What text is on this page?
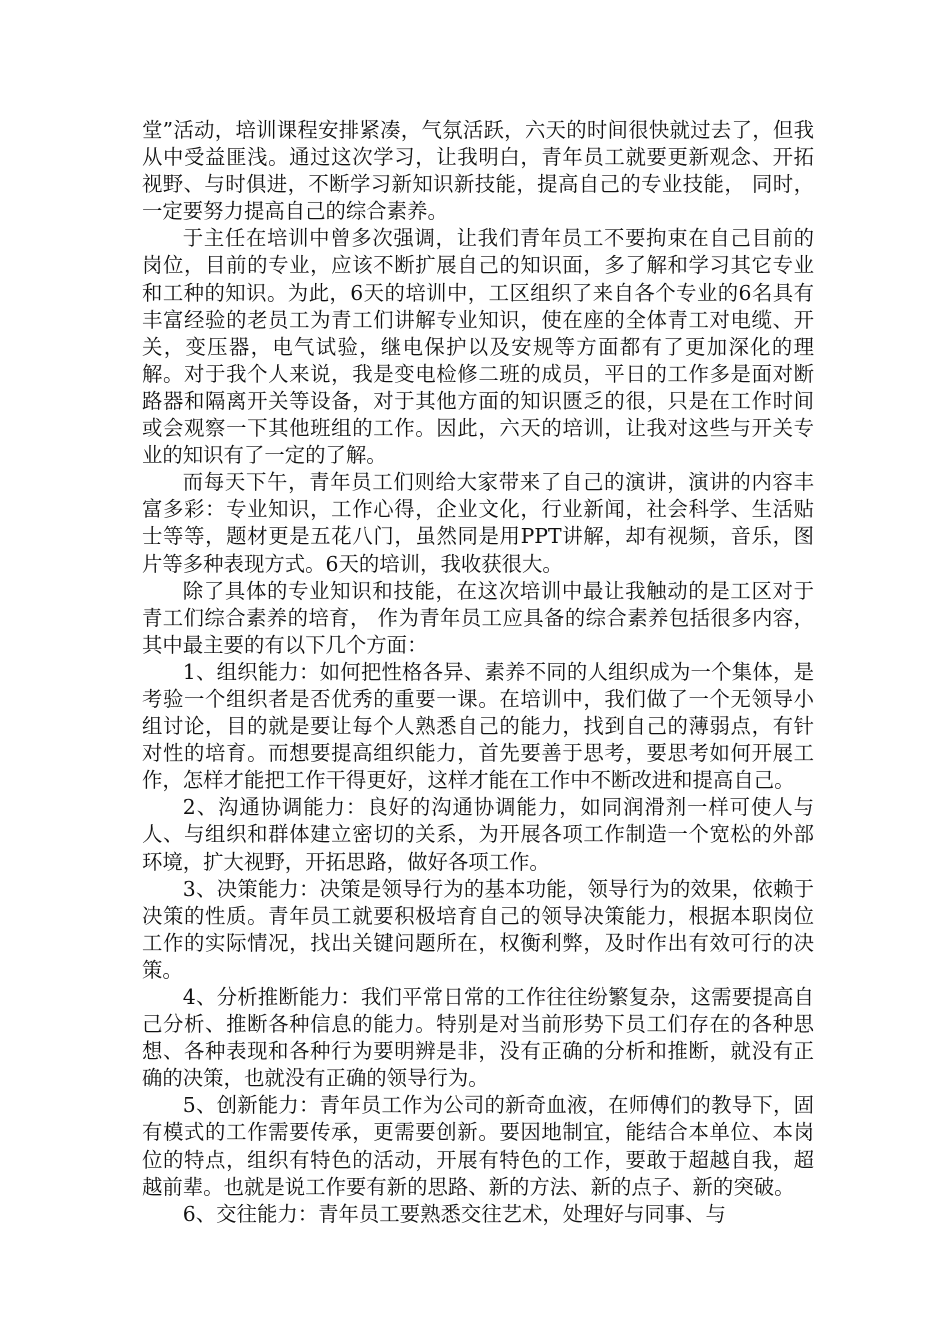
堂”活动，培训课程安排紧凑，气氛活跃，六天的时间很快就过去了，但我从中受益匪浅。通过这次学习，让我明白，青年员工就要更新观念、开拓视野、与时俱进，不断学习新知识新技能，提高自己的专业技能， 同时，一定要努力提高自己的综合素养。

于主任在培训中曾多次强调，让我们青年员工不要拘束在自己目前的岗位，目前的专业，应该不断扩展自己的知识面，多了解和学习其它专业和工种的知识。为此，6天的培训中，工区组织了来自各个专业的6名具有丰富经验的老员工为青工们讲解专业知识，使在座的全体青工对电缆、开关，变压器，电气试验，继电保护以及安规等方面都有了更加深化的理解。对于我个人来说，我是变电检修二班的成员，平日的工作多是面对断路器和隔离开关等设备，对于其他方面的知识匮乏的很，只是在工作时间或会观察一下其他班组的工作。因此，六天的培训，让我对这些与开关专业的知识有了一定的了解。

而每天下午，青年员工们则给大家带来了自己的演讲，演讲的内容丰富多彩：专业知识，工作心得，企业文化，行业新闻，社会科学、生活贴士等等，题材更是五花八门，虽然同是用PPT讲解，却有视频，音乐，图片等多种表现方式。6天的培训，我收获很大。

除了具体的专业知识和技能，在这次培训中最让我触动的是工区对于青工们综合素养的培育， 作为青年员工应具备的综合素养包括很多内容，其中最主要的有以下几个方面：

1、组织能力：如何把性格各异、素养不同的人组织成为一个集体，是考验一个组织者是否优秀的重要一课。在培训中，我们做了一个无领导小组讨论，目的就是要让每个人熟悉自己的能力，找到自己的薄弱点，有针对性的培育。而想要提高组织能力，首先要善于思考，要思考如何开展工作，怎样才能把工作干得更好，这样才能在工作中不断改进和提高自己。

2、沟通协调能力：良好的沟通协调能力，如同润滑剂一样可使人与人、与组织和群体建立密切的关系，为开展各项工作制造一个宽松的外部环境，扩大视野，开拓思路，做好各项工作。

3、决策能力：决策是领导行为的基本功能，领导行为的效果，依赖于决策的性质。青年员工就要积极培育自己的领导决策能力，根据本职岗位工作的实际情况，找出关键问题所在，权衡利弊，及时作出有效可行的决策。

4、分析推断能力：我们平常日常的工作往往纷繁复杂，这需要提高自己分析、推断各种信息的能力。特别是对当前形势下员工们存在的各种思想、各种表现和各种行为要明辨是非，没有正确的分析和推断，就没有正确的决策，也就没有正确的领导行为。

5、创新能力：青年员工作为公司的新奇血液，在师傅们的教导下，固有模式的工作需要传承，更需要创新。要因地制宜，能结合本单位、本岗位的特点，组织有特色的活动，开展有特色的工作，要敢于超越自我，超越前辈。也就是说工作要有新的思路、新的方法、新的点子、新的突破。

6、交往能力：青年员工要熟悉交往艺术，处理好与同事、与
